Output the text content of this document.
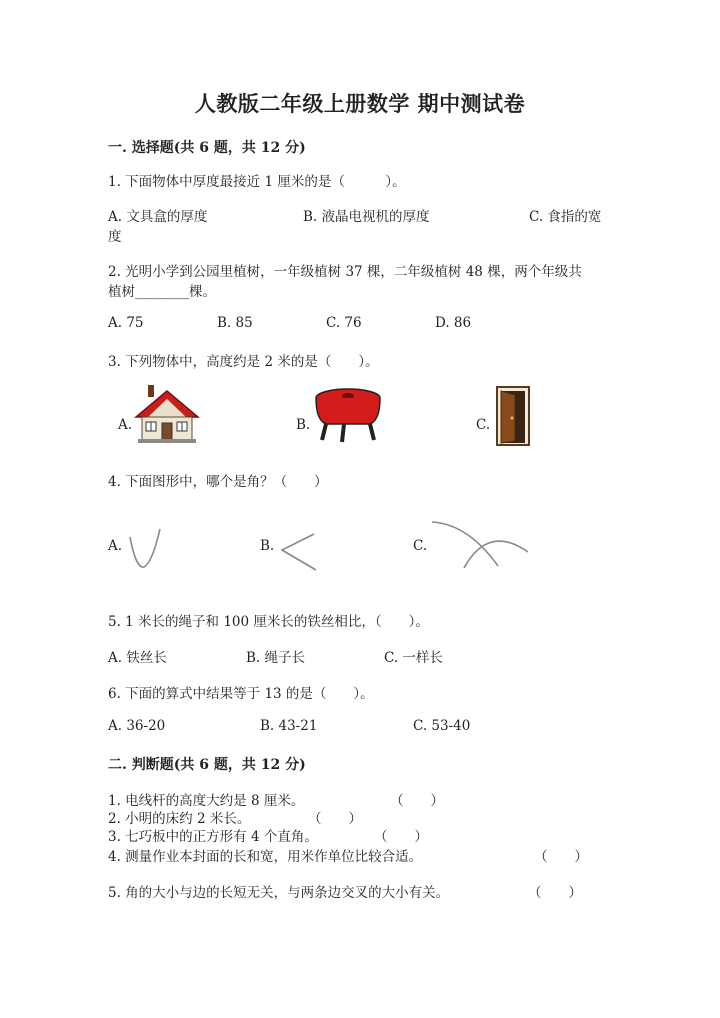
人教版二年级上册数学 期中测试卷
一. 选择题(共 6 题，共 12 分)
1. 下面物体中厚度最接近 1 厘米的是（　　　）。
A. 文具盒的厚度	B. 液晶电视机的厚度	C. 食指的宽
度
2. 光明小学到公园里植树，一年级植树 37 棵，二年级植树 48 棵，两个年级共
植树________棵。
A. 75	B. 85	C. 76	D. 86
3. 下列物体中，高度约是 2 米的是（　　）。
A.	B.	C.
4. 下面图形中，哪个是角？（　　）
A.	B.	C.
5. 1 米长的绳子和 100 厘米长的铁丝相比，（　　）。
A. 铁丝长	B. 绳子长	C. 一样长
6. 下面的算式中结果等于 13 的是（　　）。
A. 36-20	B. 43-21	C. 53-40
二. 判断题(共 6 题，共 12 分)
1. 电线杆的高度大约是 8 厘米。	（　　）
2. 小明的床约 2 米长。	（　　）
3. 七巧板中的正方形有 4 个直角。	（　　）
4. 测量作业本封面的长和宽，用米作单位比较合适。	（　　）
5. 角的大小与边的长短无关，与两条边交叉的大小有关。	（　　）
